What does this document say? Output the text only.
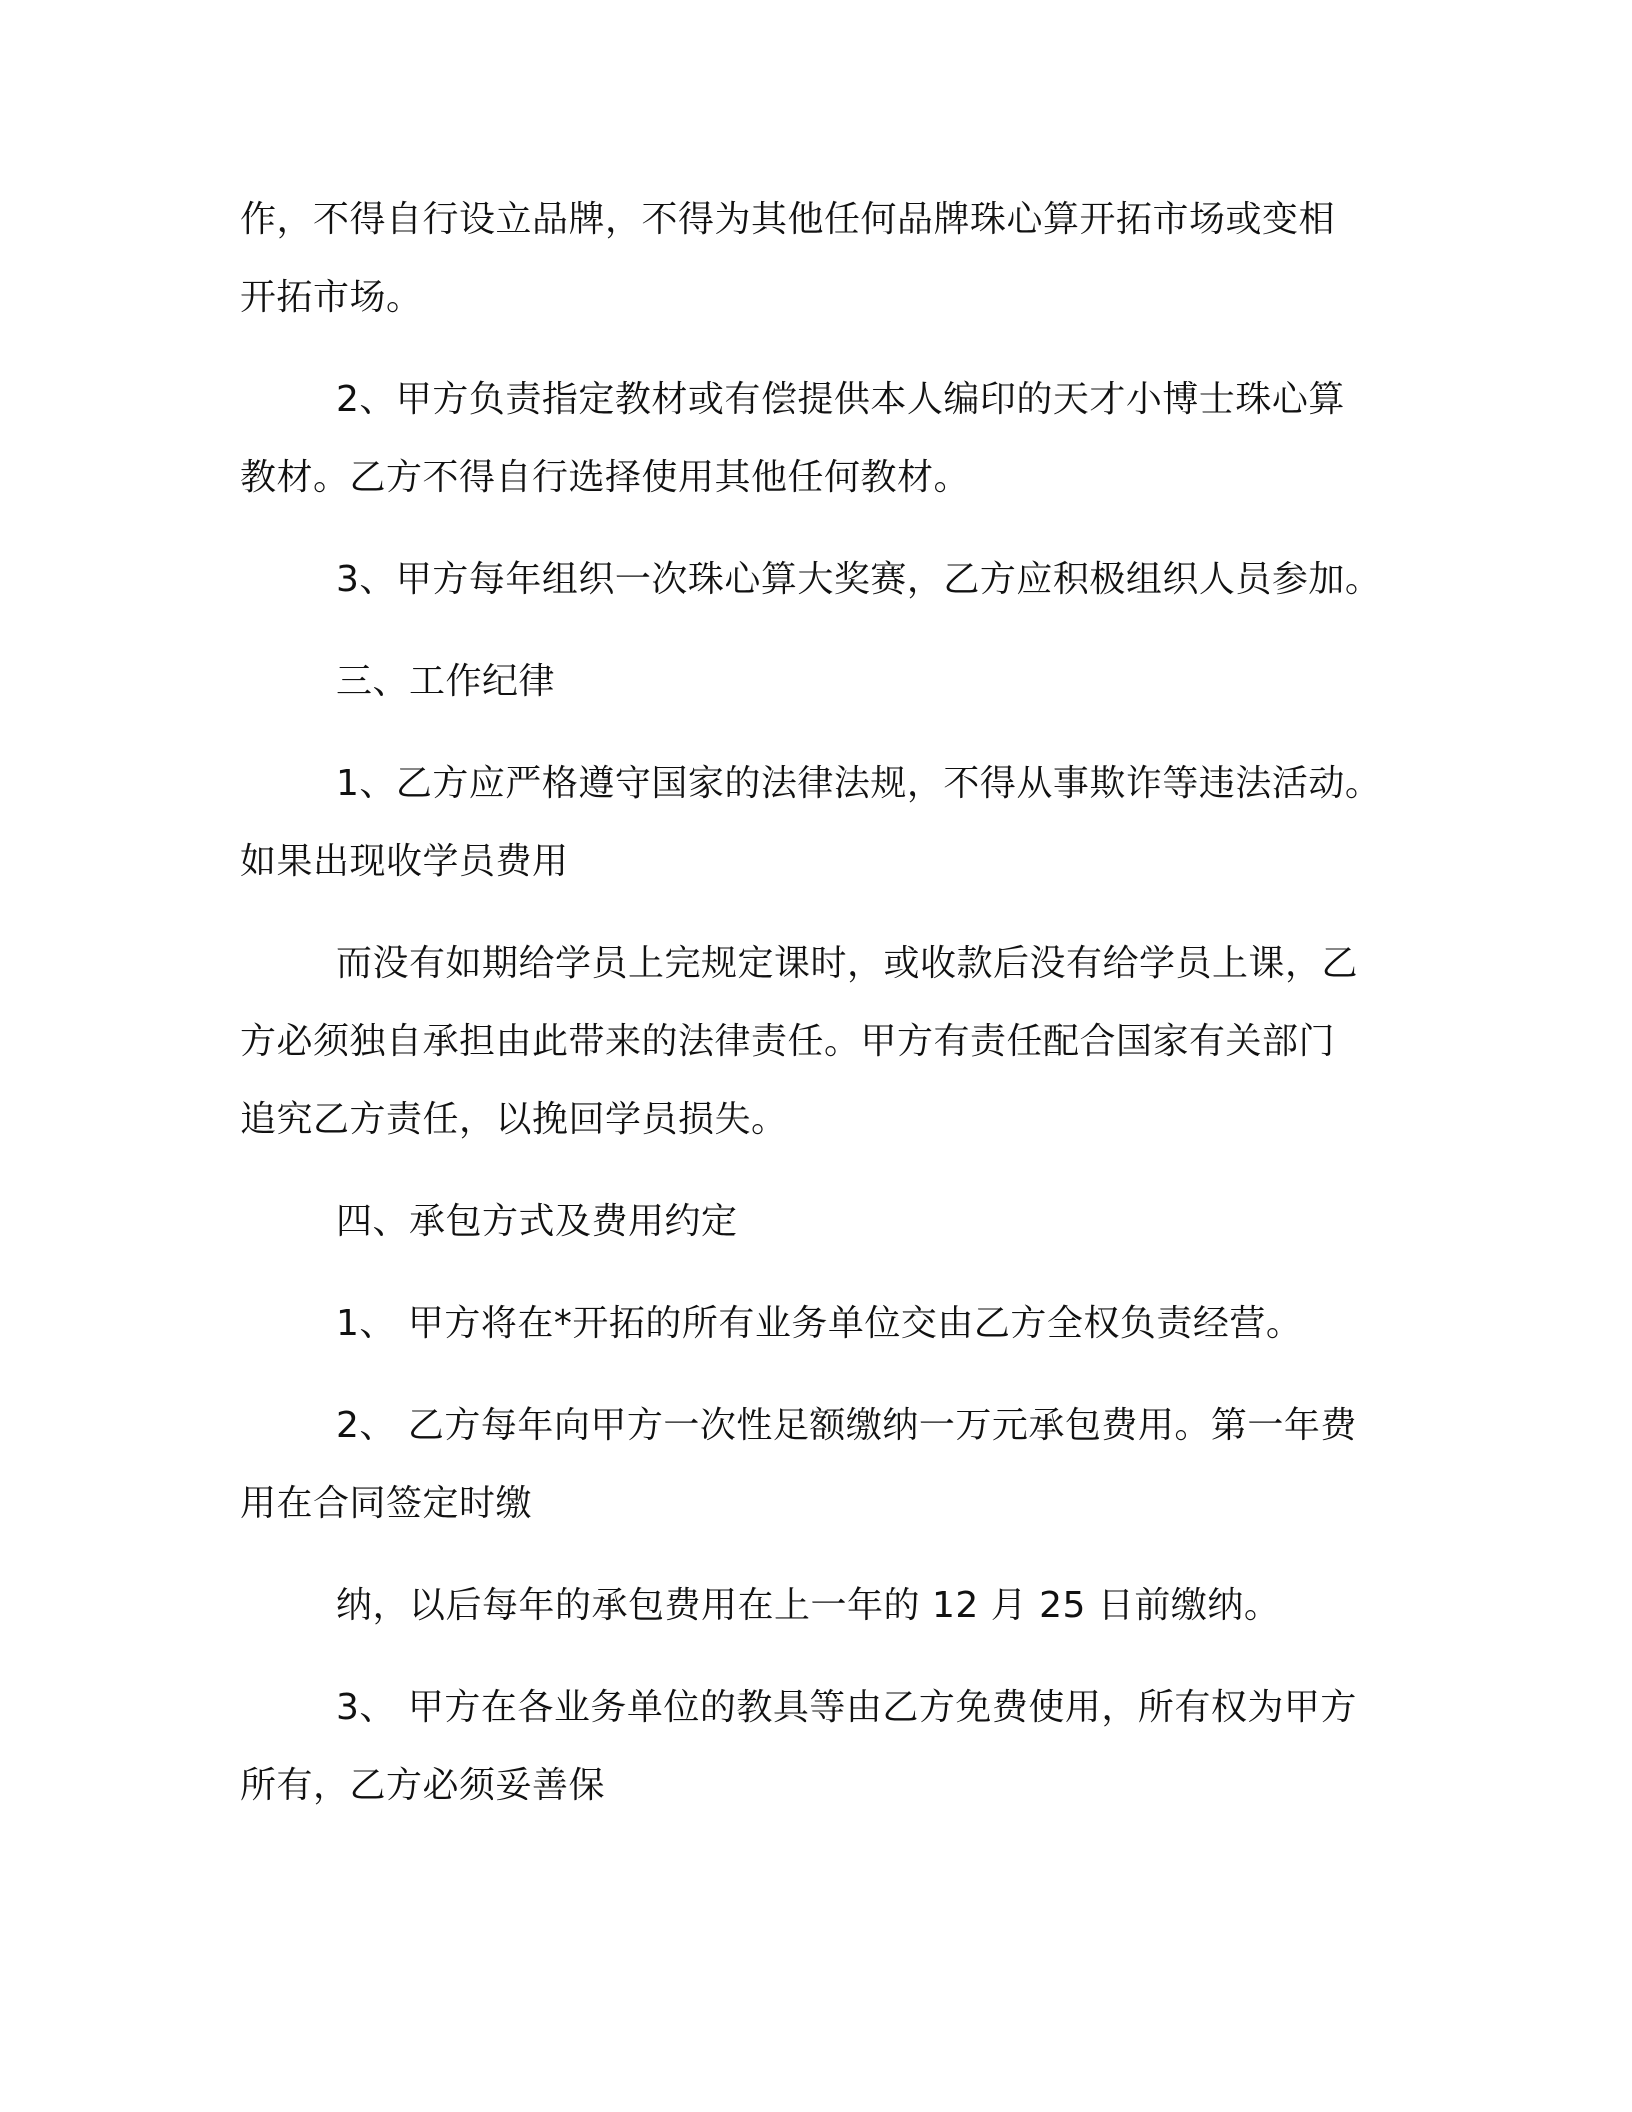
作，不得自行设立品牌，不得为其他任何品牌珠心算开拓市场或变相
开拓市场。
2、甲方负责指定教材或有偿提供本人编印的天才小博士珠心算
教材。乙方不得自行选择使用其他任何教材。
3、甲方每年组织一次珠心算大奖赛，乙方应积极组织人员参加。
三、工作纪律
1、乙方应严格遵守国家的法律法规，不得从事欺诈等违法活动。
如果出现收学员费用
而没有如期给学员上完规定课时，或收款后没有给学员上课，乙
方必须独自承担由此带来的法律责任。甲方有责任配合国家有关部门
追究乙方责任，以挽回学员损失。
四、承包方式及费用约定
1、 甲方将在*开拓的所有业务单位交由乙方全权负责经营。
2、 乙方每年向甲方一次性足额缴纳一万元承包费用。第一年费
用在合同签定时缴
纳，以后每年的承包费用在上一年的 12 月 25 日前缴纳。
3、 甲方在各业务单位的教具等由乙方免费使用，所有权为甲方
所有，乙方必须妥善保
